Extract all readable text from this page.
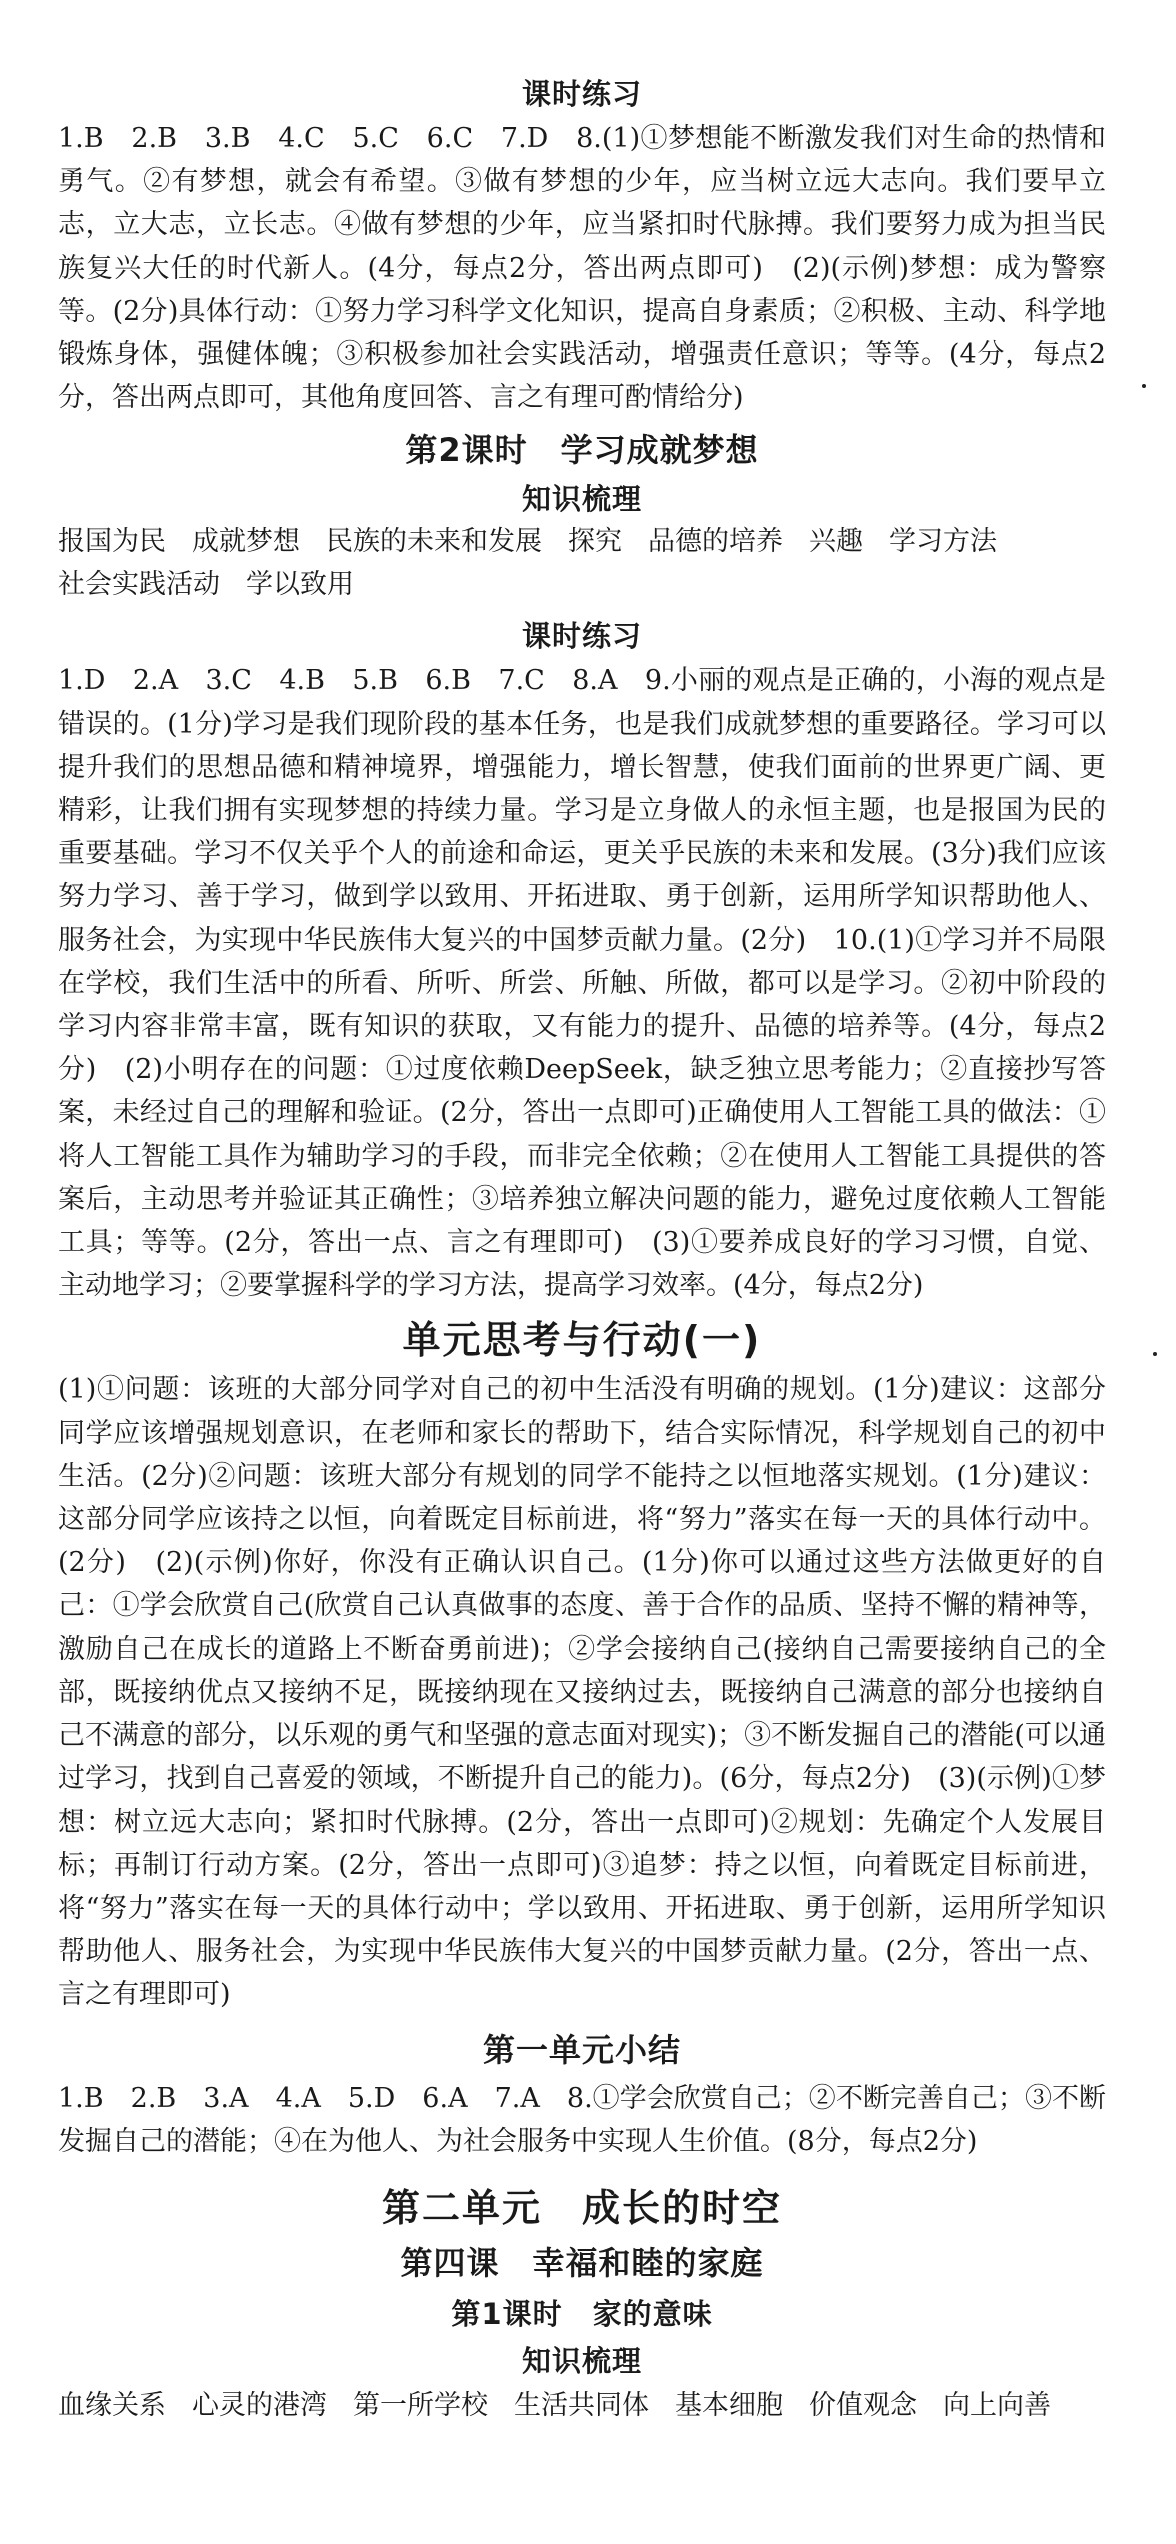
课时练习
1.B　2.B　3.B　4.C　5.C　6.C　7.D　8.(1)①梦想能不断激发我们对生命的热情和勇气。②有梦想，就会有希望。③做有梦想的少年，应当树立远大志向。我们要早立志，立大志，立长志。④做有梦想的少年，应当紧扣时代脉搏。我们要努力成为担当民族复兴大任的时代新人。(4分，每点2分，答出两点即可)　(2)(示例)梦想：成为警察等。(2分)具体行动：①努力学习科学文化知识，提高自身素质；②积极、主动、科学地锻炼身体，强健体魄；③积极参加社会实践活动，增强责任意识；等等。(4分，每点2分，答出两点即可，其他角度回答、言之有理可酌情给分)
第2课时　学习成就梦想
知识梳理
报国为民 成就梦想 民族的未来和发展 探究 品德的培养 兴趣 学习方法社会实践活动 学以致用
课时练习
1.D　2.A　3.C　4.B　5.B　6.B　7.C　8.A　9.小丽的观点是正确的，小海的观点是错误的。(1分)学习是我们现阶段的基本任务，也是我们成就梦想的重要路径。学习可以提升我们的思想品德和精神境界，增强能力，增长智慧，使我们面前的世界更广阔、更精彩，让我们拥有实现梦想的持续力量。学习是立身做人的永恒主题，也是报国为民的重要基础。学习不仅关乎个人的前途和命运，更关乎民族的未来和发展。(3分)我们应该努力学习、善于学习，做到学以致用、开拓进取、勇于创新，运用所学知识帮助他人、服务社会，为实现中华民族伟大复兴的中国梦贡献力量。(2分)　10.(1)①学习并不局限在学校，我们生活中的所看、所听、所尝、所触、所做，都可以是学习。②初中阶段的学习内容非常丰富，既有知识的获取，又有能力的提升、品德的培养等。(4分，每点2分)　(2)小明存在的问题：①过度依赖DeepSeek，缺乏独立思考能力；②直接抄写答案，未经过自己的理解和验证。(2分，答出一点即可)正确使用人工智能工具的做法：①将人工智能工具作为辅助学习的手段，而非完全依赖；②在使用人工智能工具提供的答案后，主动思考并验证其正确性；③培养独立解决问题的能力，避免过度依赖人工智能工具；等等。(2分，答出一点、言之有理即可)　(3)①要养成良好的学习习惯，自觉、主动地学习；②要掌握科学的学习方法，提高学习效率。(4分，每点2分)
单元思考与行动(一)
(1)①问题：该班的大部分同学对自己的初中生活没有明确的规划。(1分)建议：这部分同学应该增强规划意识，在老师和家长的帮助下，结合实际情况，科学规划自己的初中生活。(2分)②问题：该班大部分有规划的同学不能持之以恒地落实规划。(1分)建议：这部分同学应该持之以恒，向着既定目标前进，将“努力”落实在每一天的具体行动中。(2分)　(2)(示例)你好，你没有正确认识自己。(1分)你可以通过这些方法做更好的自己：①学会欣赏自己(欣赏自己认真做事的态度、善于合作的品质、坚持不懈的精神等，激励自己在成长的道路上不断奋勇前进)；②学会接纳自己(接纳自己需要接纳自己的全部，既接纳优点又接纳不足，既接纳现在又接纳过去，既接纳自己满意的部分也接纳自己不满意的部分，以乐观的勇气和坚强的意志面对现实)；③不断发掘自己的潜能(可以通过学习，找到自己喜爱的领域，不断提升自己的能力)。(6分，每点2分)　(3)(示例)①梦想：树立远大志向；紧扣时代脉搏。(2分，答出一点即可)②规划：先确定个人发展目标；再制订行动方案。(2分，答出一点即可)③追梦：持之以恒，向着既定目标前进，将“努力”落实在每一天的具体行动中；学以致用、开拓进取、勇于创新，运用所学知识帮助他人、服务社会，为实现中华民族伟大复兴的中国梦贡献力量。(2分，答出一点、言之有理即可)
第一单元小结
1.B　2.B　3.A　4.A　5.D　6.A　7.A　8.①学会欣赏自己；②不断完善自己；③不断发掘自己的潜能；④在为他人、为社会服务中实现人生价值。(8分，每点2分)
第二单元　成长的时空
第四课　幸福和睦的家庭
第1课时　家的意味
知识梳理
血缘关系 心灵的港湾 第一所学校 生活共同体 基本细胞 价值观念 向上向善
